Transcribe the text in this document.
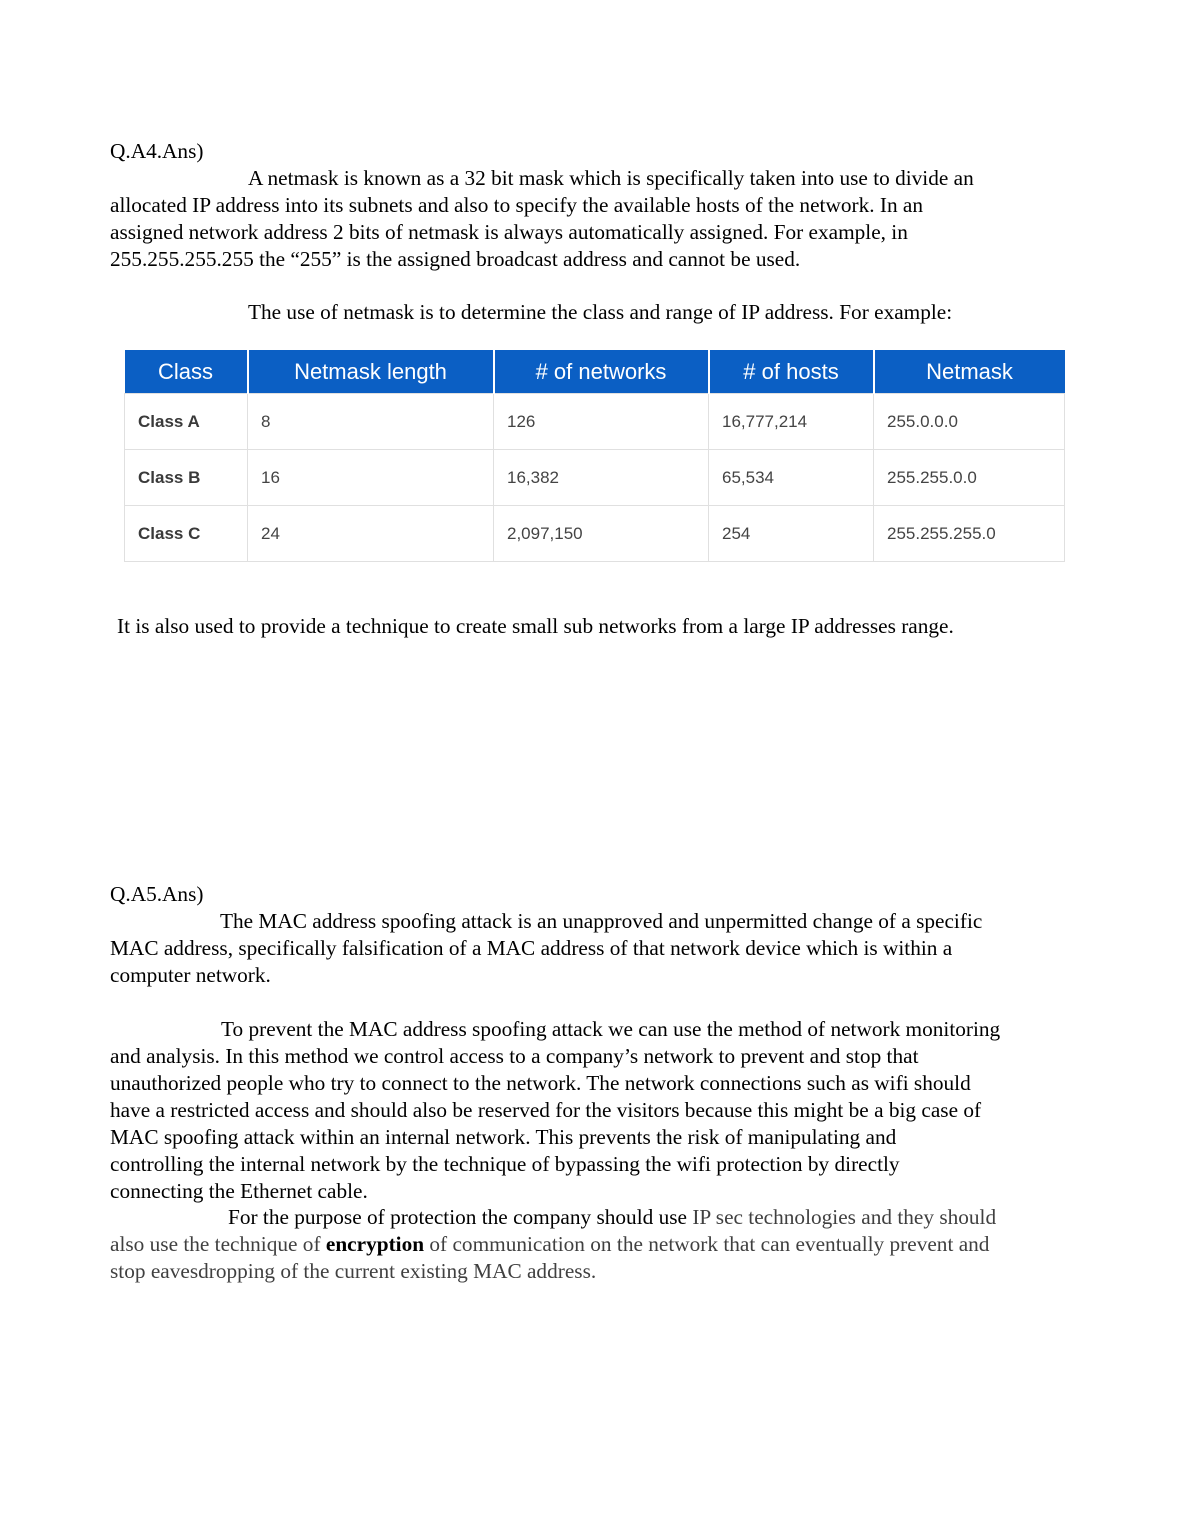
Q.A4.Ans)

A netmask is known as a 32 bit mask which is specifically taken into use to divide an

allocated IP address into its subnets and also to specify the available hosts of the network. In an

assigned network address 2 bits of netmask is always automatically assigned. For example, in

255.255.255.255 the “255” is the assigned broadcast address and cannot be used.

The use of netmask is to determine the class and range of IP address. For example:

Class	Netmask length	# of networks	# of hosts	Netmask
Class A	8	126	16,777,214	255.0.0.0
Class B	16	16,382	65,534	255.255.0.0
Class C	24	2,097,150	254	255.255.255.0

It is also used to provide a technique to create small sub networks from a large IP addresses range.

Q.A5.Ans)

The MAC address spoofing attack is an unapproved and unpermitted change of a specific

MAC address, specifically falsification of a MAC address of that network device which is within a

computer network.

To prevent the MAC address spoofing attack we can use the method of network monitoring

and analysis. In this method we control access to a company’s network to prevent and stop that

unauthorized people who try to connect to the network. The network connections such as wifi should

have a restricted access and should also be reserved for the visitors because this might be a big case of

MAC spoofing attack within an internal network. This prevents the risk of manipulating and

controlling the internal network by the technique of bypassing the wifi protection by directly

connecting the Ethernet cable.

For the purpose of protection the company should use IP sec technologies and they should

also use the technique of encryption of communication on the network that can eventually prevent and

stop eavesdropping of the current existing MAC address.
